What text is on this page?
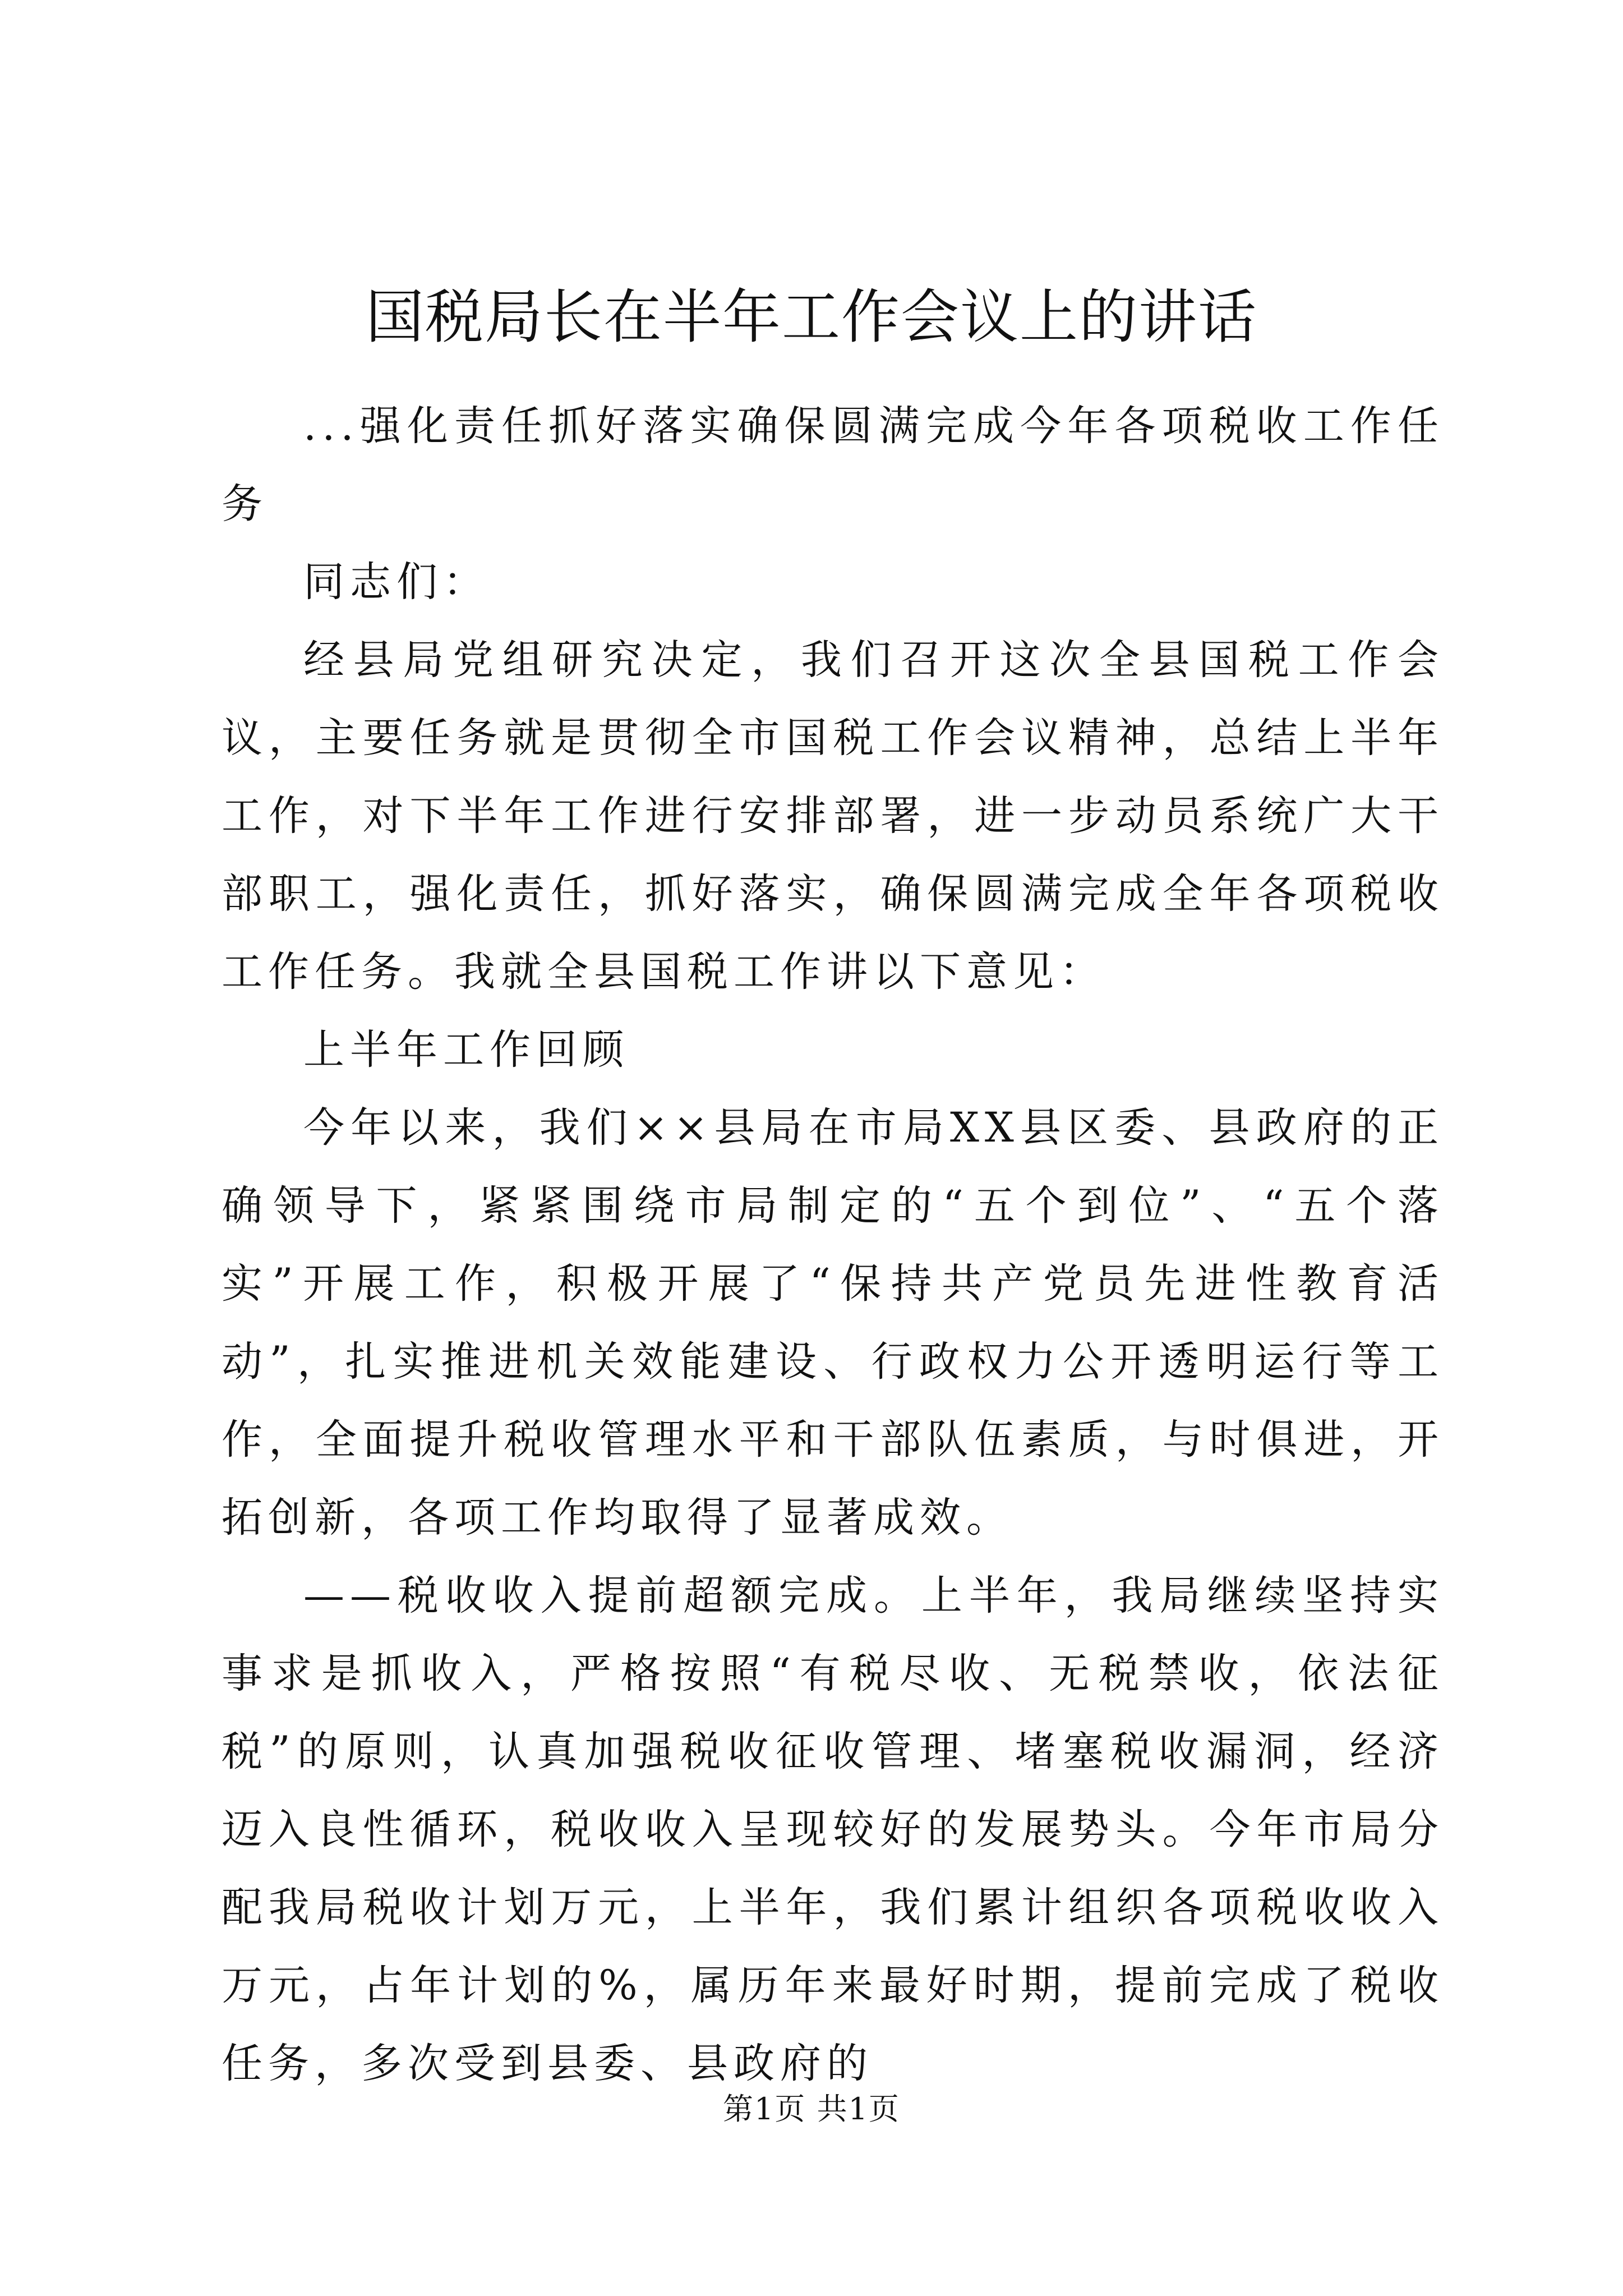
国税局长在半年工作会议上的讲话

...强化责任抓好落实确保圆满完成今年各项税收工作任务

同志们：

经县局党组研究决定，我们召开这次全县国税工作会议，主要任务就是贯彻全市国税工作会议精神，总结上半年工作，对下半年工作进行安排部署，进一步动员系统广大干部职工，强化责任，抓好落实，确保圆满完成全年各项税收工作任务。我就全县国税工作讲以下意见：

上半年工作回顾

今年以来，我们××县局在市局XX县区委、县政府的正确领导下，紧紧围绕市局制定的“五个到位”、“五个落实”开展工作，积极开展了“保持共产党员先进性教育活动”，扎实推进机关效能建设、行政权力公开透明运行等工作，全面提升税收管理水平和干部队伍素质，与时俱进，开拓创新，各项工作均取得了显著成效。

——税收收入提前超额完成。上半年，我局继续坚持实事求是抓收入，严格按照“有税尽收、无税禁收，依法征税”的原则，认真加强税收征收管理、堵塞税收漏洞，经济迈入良性循环，税收收入呈现较好的发展势头。今年市局分配我局税收计划万元，上半年，我们累计组织各项税收收入万元，占年计划的%，属历年来最好时期，提前完成了税收任务，多次受到县委、县政府的

第1页 共1页
